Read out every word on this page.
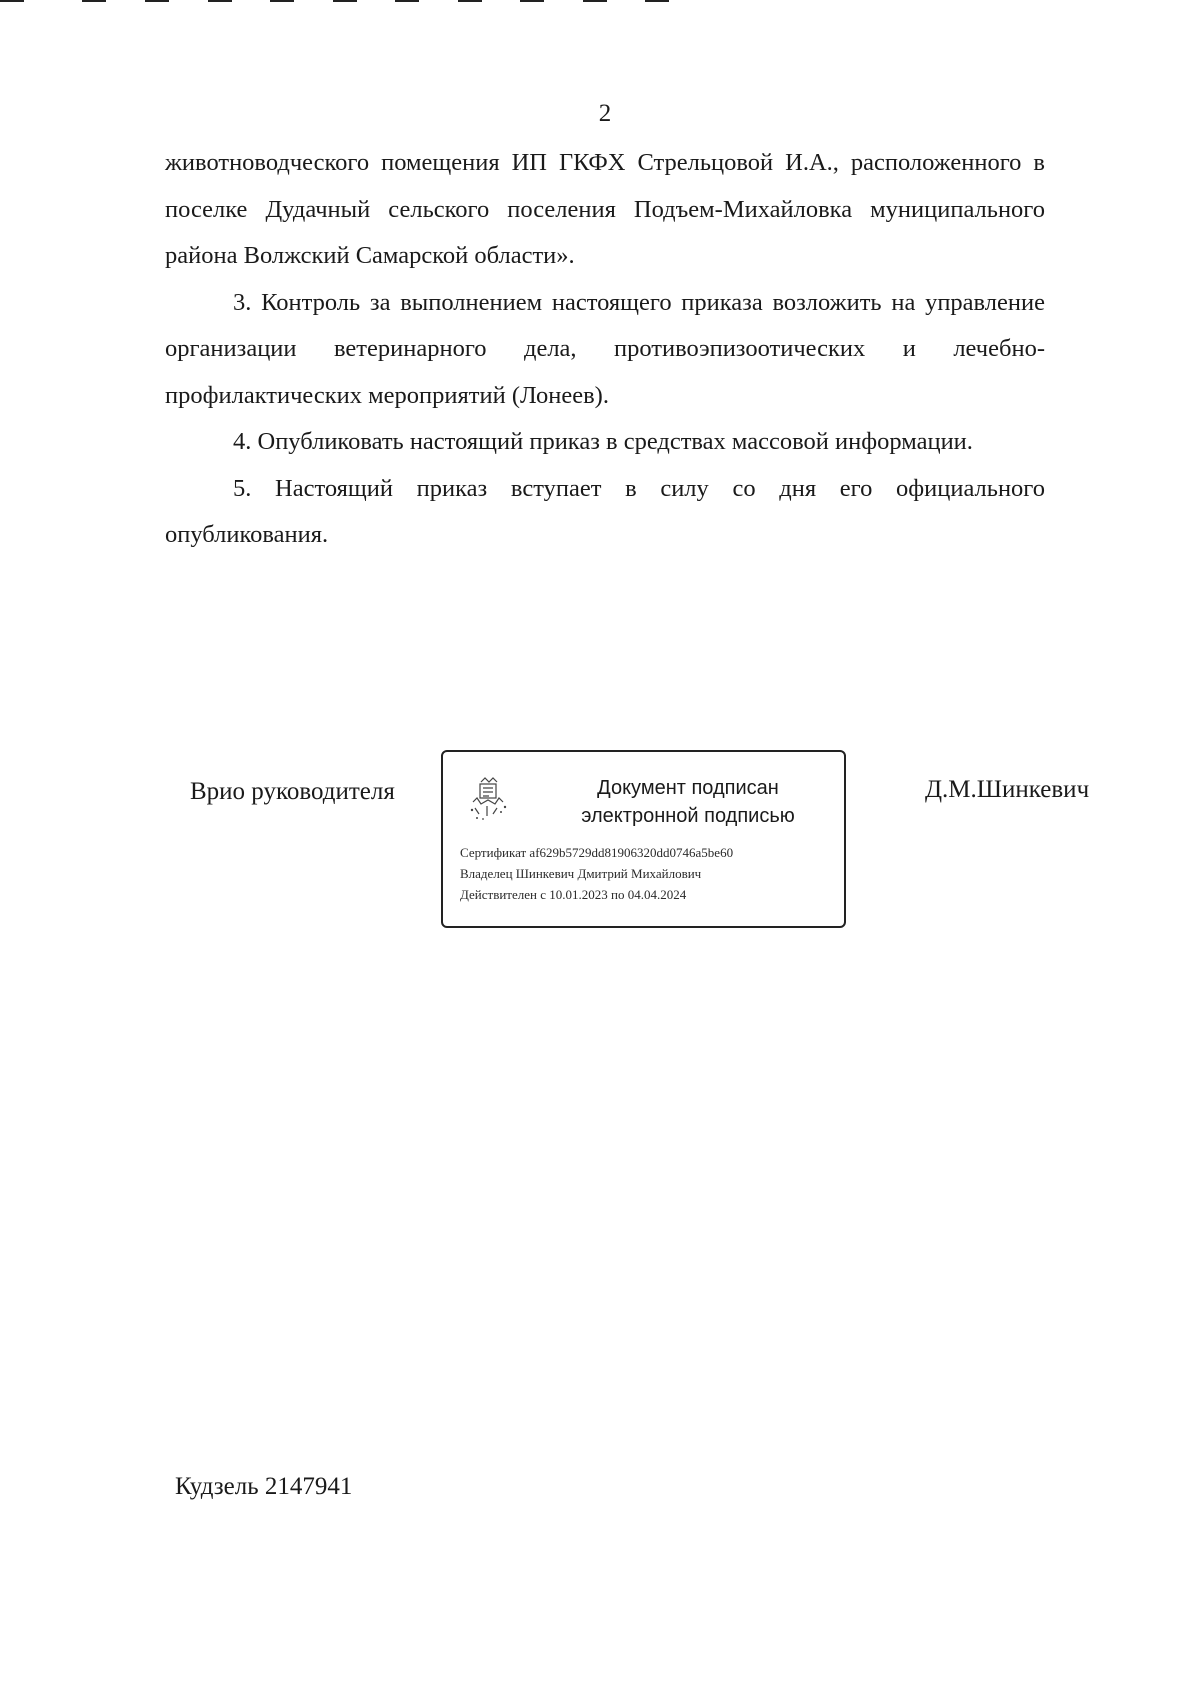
2

животноводческого помещения ИП ГКФХ Стрельцовой И.А., расположенного в поселке Дудачный сельского поселения Подъем-Михайловка муниципального района Волжский Самарской области».

3. Контроль за выполнением настоящего приказа возложить на управление организации ветеринарного дела, противоэпизоотических и лечебно-профилактических мероприятий (Лонеев).

4. Опубликовать настоящий приказ в средствах массовой информации.

5. Настоящий приказ вступает в силу со дня его официального опубликования.

Врио руководителя	Документ подписан
электронной подписью
Сертификат af629b5729dd81906320dd0746a5be60
Владелец Шинкевич Дмитрий Михайлович
Действителен с 10.01.2023 по 04.04.2024
Д.М.Шинкевич
Кудзель 2147941
